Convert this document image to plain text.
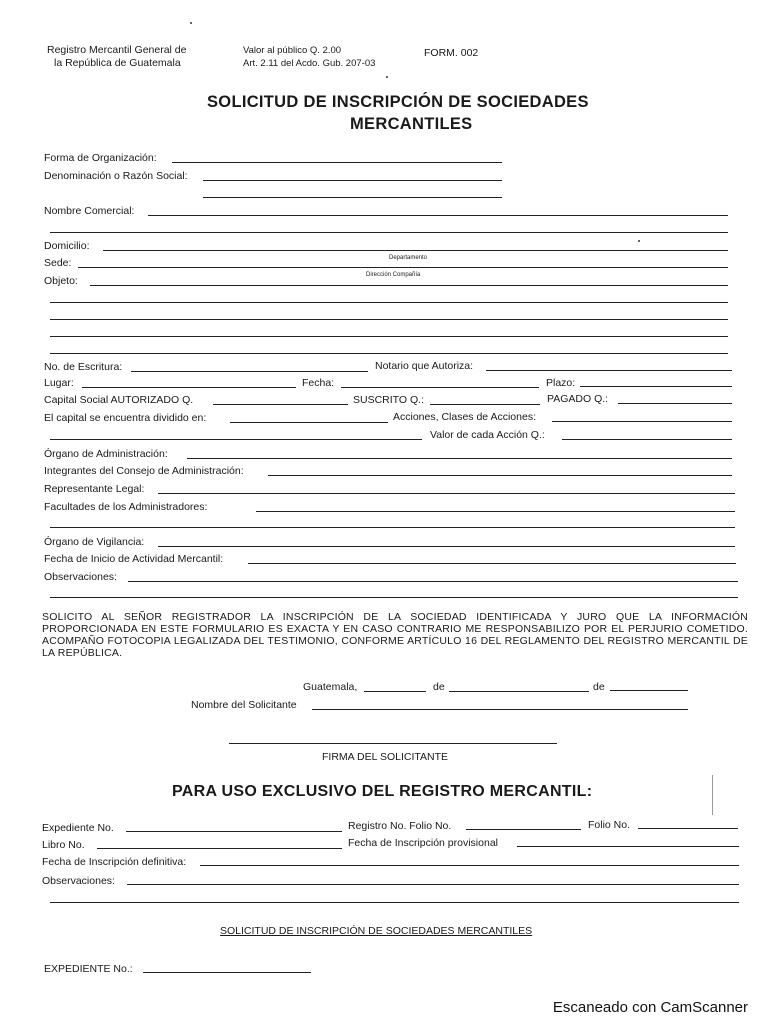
Registro Mercantil General de
la República de Guatemala
Valor al público Q. 2.00
Art. 2.11 del Acdo. Gub. 207-03
FORM. 002
SOLICITUD DE INSCRIPCIÓN DE SOCIEDADES
MERCANTILES
Forma de Organización:
Denominación o Razón Social:
Nombre Comercial:
Domicilio:
Departamento
Sede:
Dirección Compañía
Objeto:
No. de Escritura:	Notario que Autoriza:
Lugar:	Fecha:	Plazo:
Capital Social AUTORIZADO Q.	SUSCRITO Q.:	PAGADO Q.:
El capital se encuentra dividido en:	Acciones, Clases de Acciones:
Valor de cada Acción Q.:
Órgano de Administración:
Integrantes del Consejo de Administración:
Representante Legal:
Facultades de los Administradores:
Órgano de Vigilancia:
Fecha de Inicio de Actividad Mercantil:
Observaciones:
SOLICITO AL SEÑOR REGISTRADOR LA INSCRIPCIÓN DE LA SOCIEDAD IDENTIFICADA Y JURO QUE LA INFORMACIÓN PROPORCIONADA EN ESTE FORMULARIO ES EXACTA Y EN CASO CONTRARIO ME RESPONSABILIZO POR EL PERJURIO COMETIDO. ACOMPAÑO FOTOCOPIA LEGALIZADA DEL TESTIMONIO, CONFORME ARTÍCULO 16 DEL REGLAMENTO DEL REGISTRO MERCANTIL DE LA REPÚBLICA.
Guatemala,	de	de
Nombre del Solicitante
FIRMA DEL SOLICITANTE
PARA USO EXCLUSIVO DEL REGISTRO MERCANTIL:
Expediente No.	Registro No. Folio No.	Folio No.
Libro No.	Fecha de Inscripción provisional
Fecha de Inscripción definitiva:
Observaciones:
SOLICITUD DE INSCRIPCIÓN DE SOCIEDADES MERCANTILES
EXPEDIENTE No.:
Escaneado con CamScanner
